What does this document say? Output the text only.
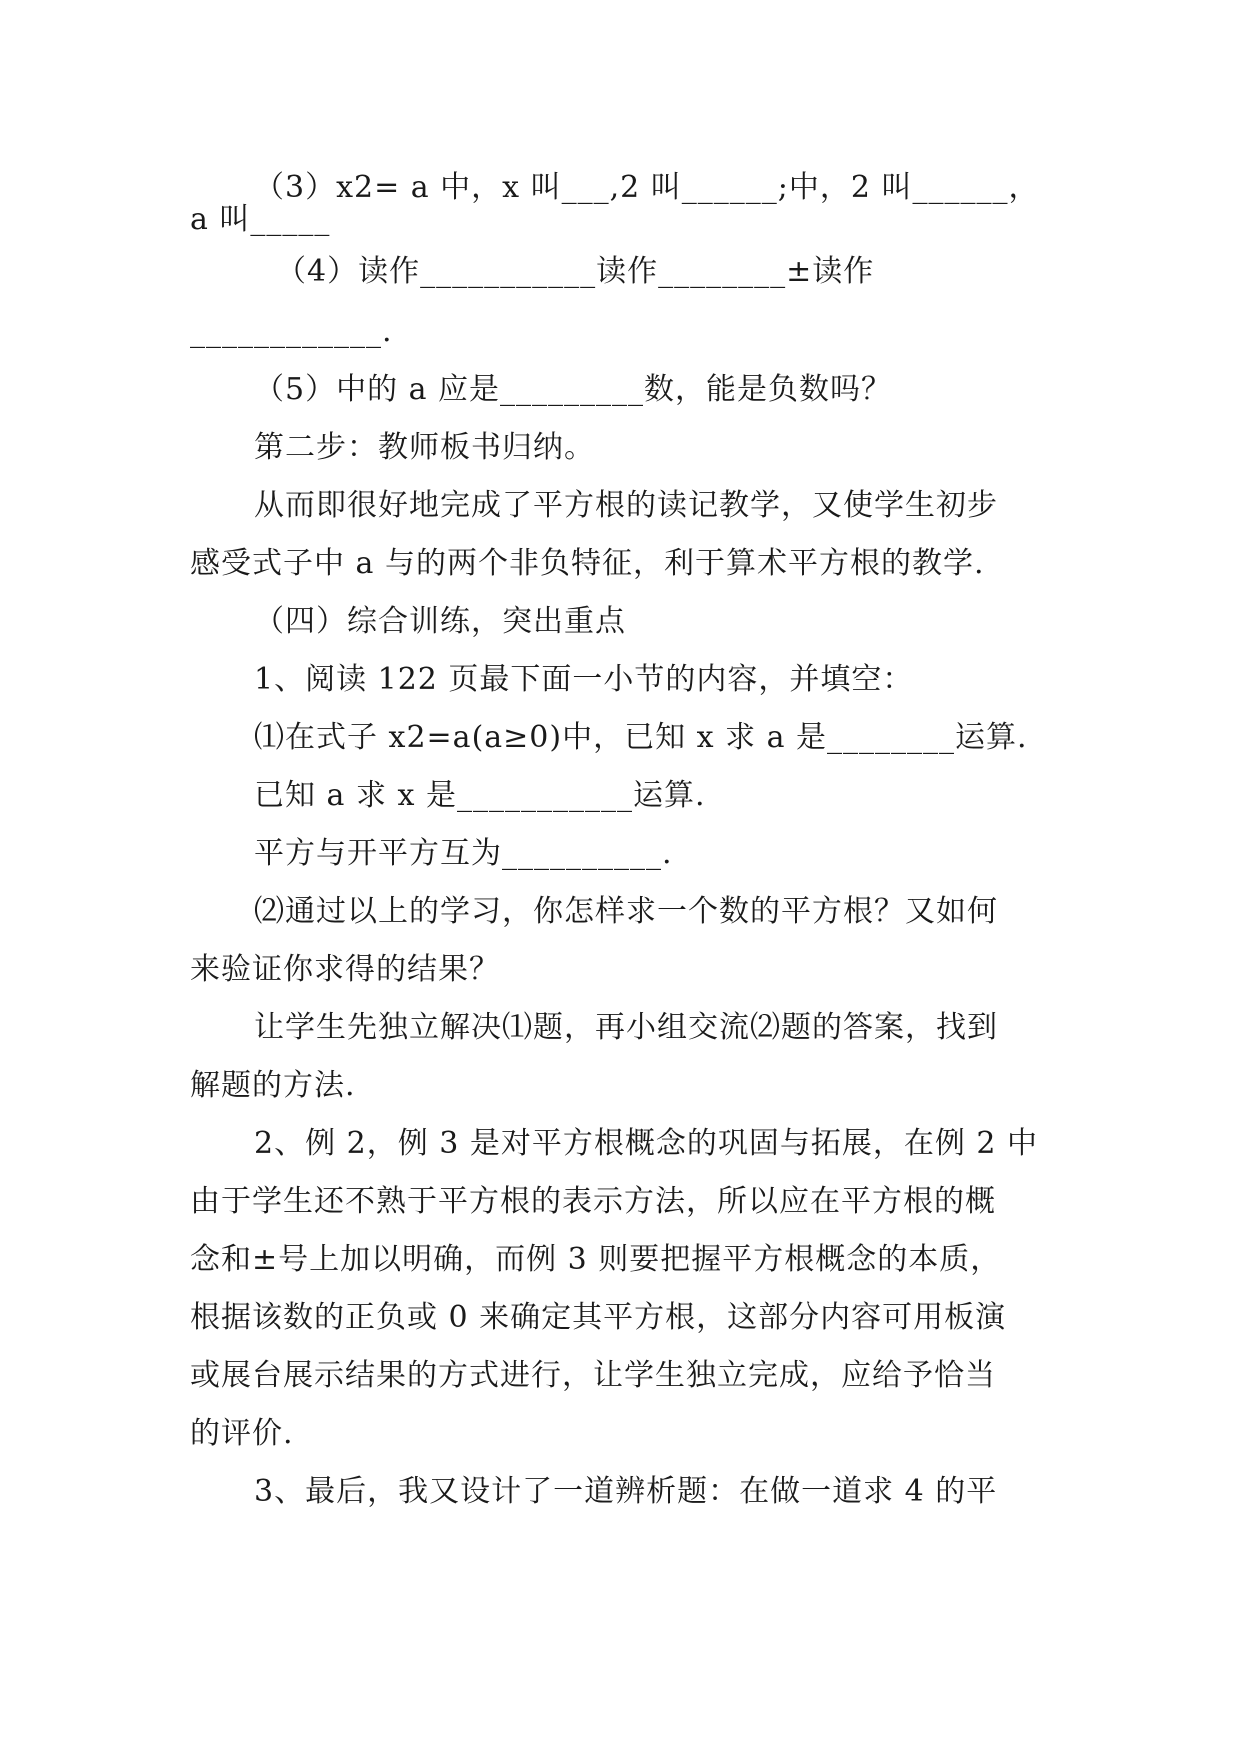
（3）x2= a 中，x 叫___,2 叫______;中，2 叫______，
a 叫_____
（4）读作___________读作________±读作
____________.
（5）中的 a 应是_________数，能是负数吗？
第二步：教师板书归纳。
从而即很好地完成了平方根的读记教学，又使学生初步
感受式子中 a 与的两个非负特征，利于算术平方根的教学.
（四）综合训练，突出重点
1、阅读 122 页最下面一小节的内容，并填空：
⑴在式子 x2=a(a≥0)中，已知 x 求 a 是________运算.
已知 a 求 x 是___________运算.
平方与开平方互为__________.
⑵通过以上的学习，你怎样求一个数的平方根？又如何
来验证你求得的结果？
让学生先独立解决⑴题，再小组交流⑵题的答案，找到
解题的方法.
2、例 2，例 3 是对平方根概念的巩固与拓展，在例 2 中
由于学生还不熟于平方根的表示方法，所以应在平方根的概
念和±号上加以明确，而例 3 则要把握平方根概念的本质，
根据该数的正负或 0 来确定其平方根，这部分内容可用板演
或展台展示结果的方式进行，让学生独立完成，应给予恰当
的评价.
3、最后，我又设计了一道辨析题：在做一道求 4 的平
